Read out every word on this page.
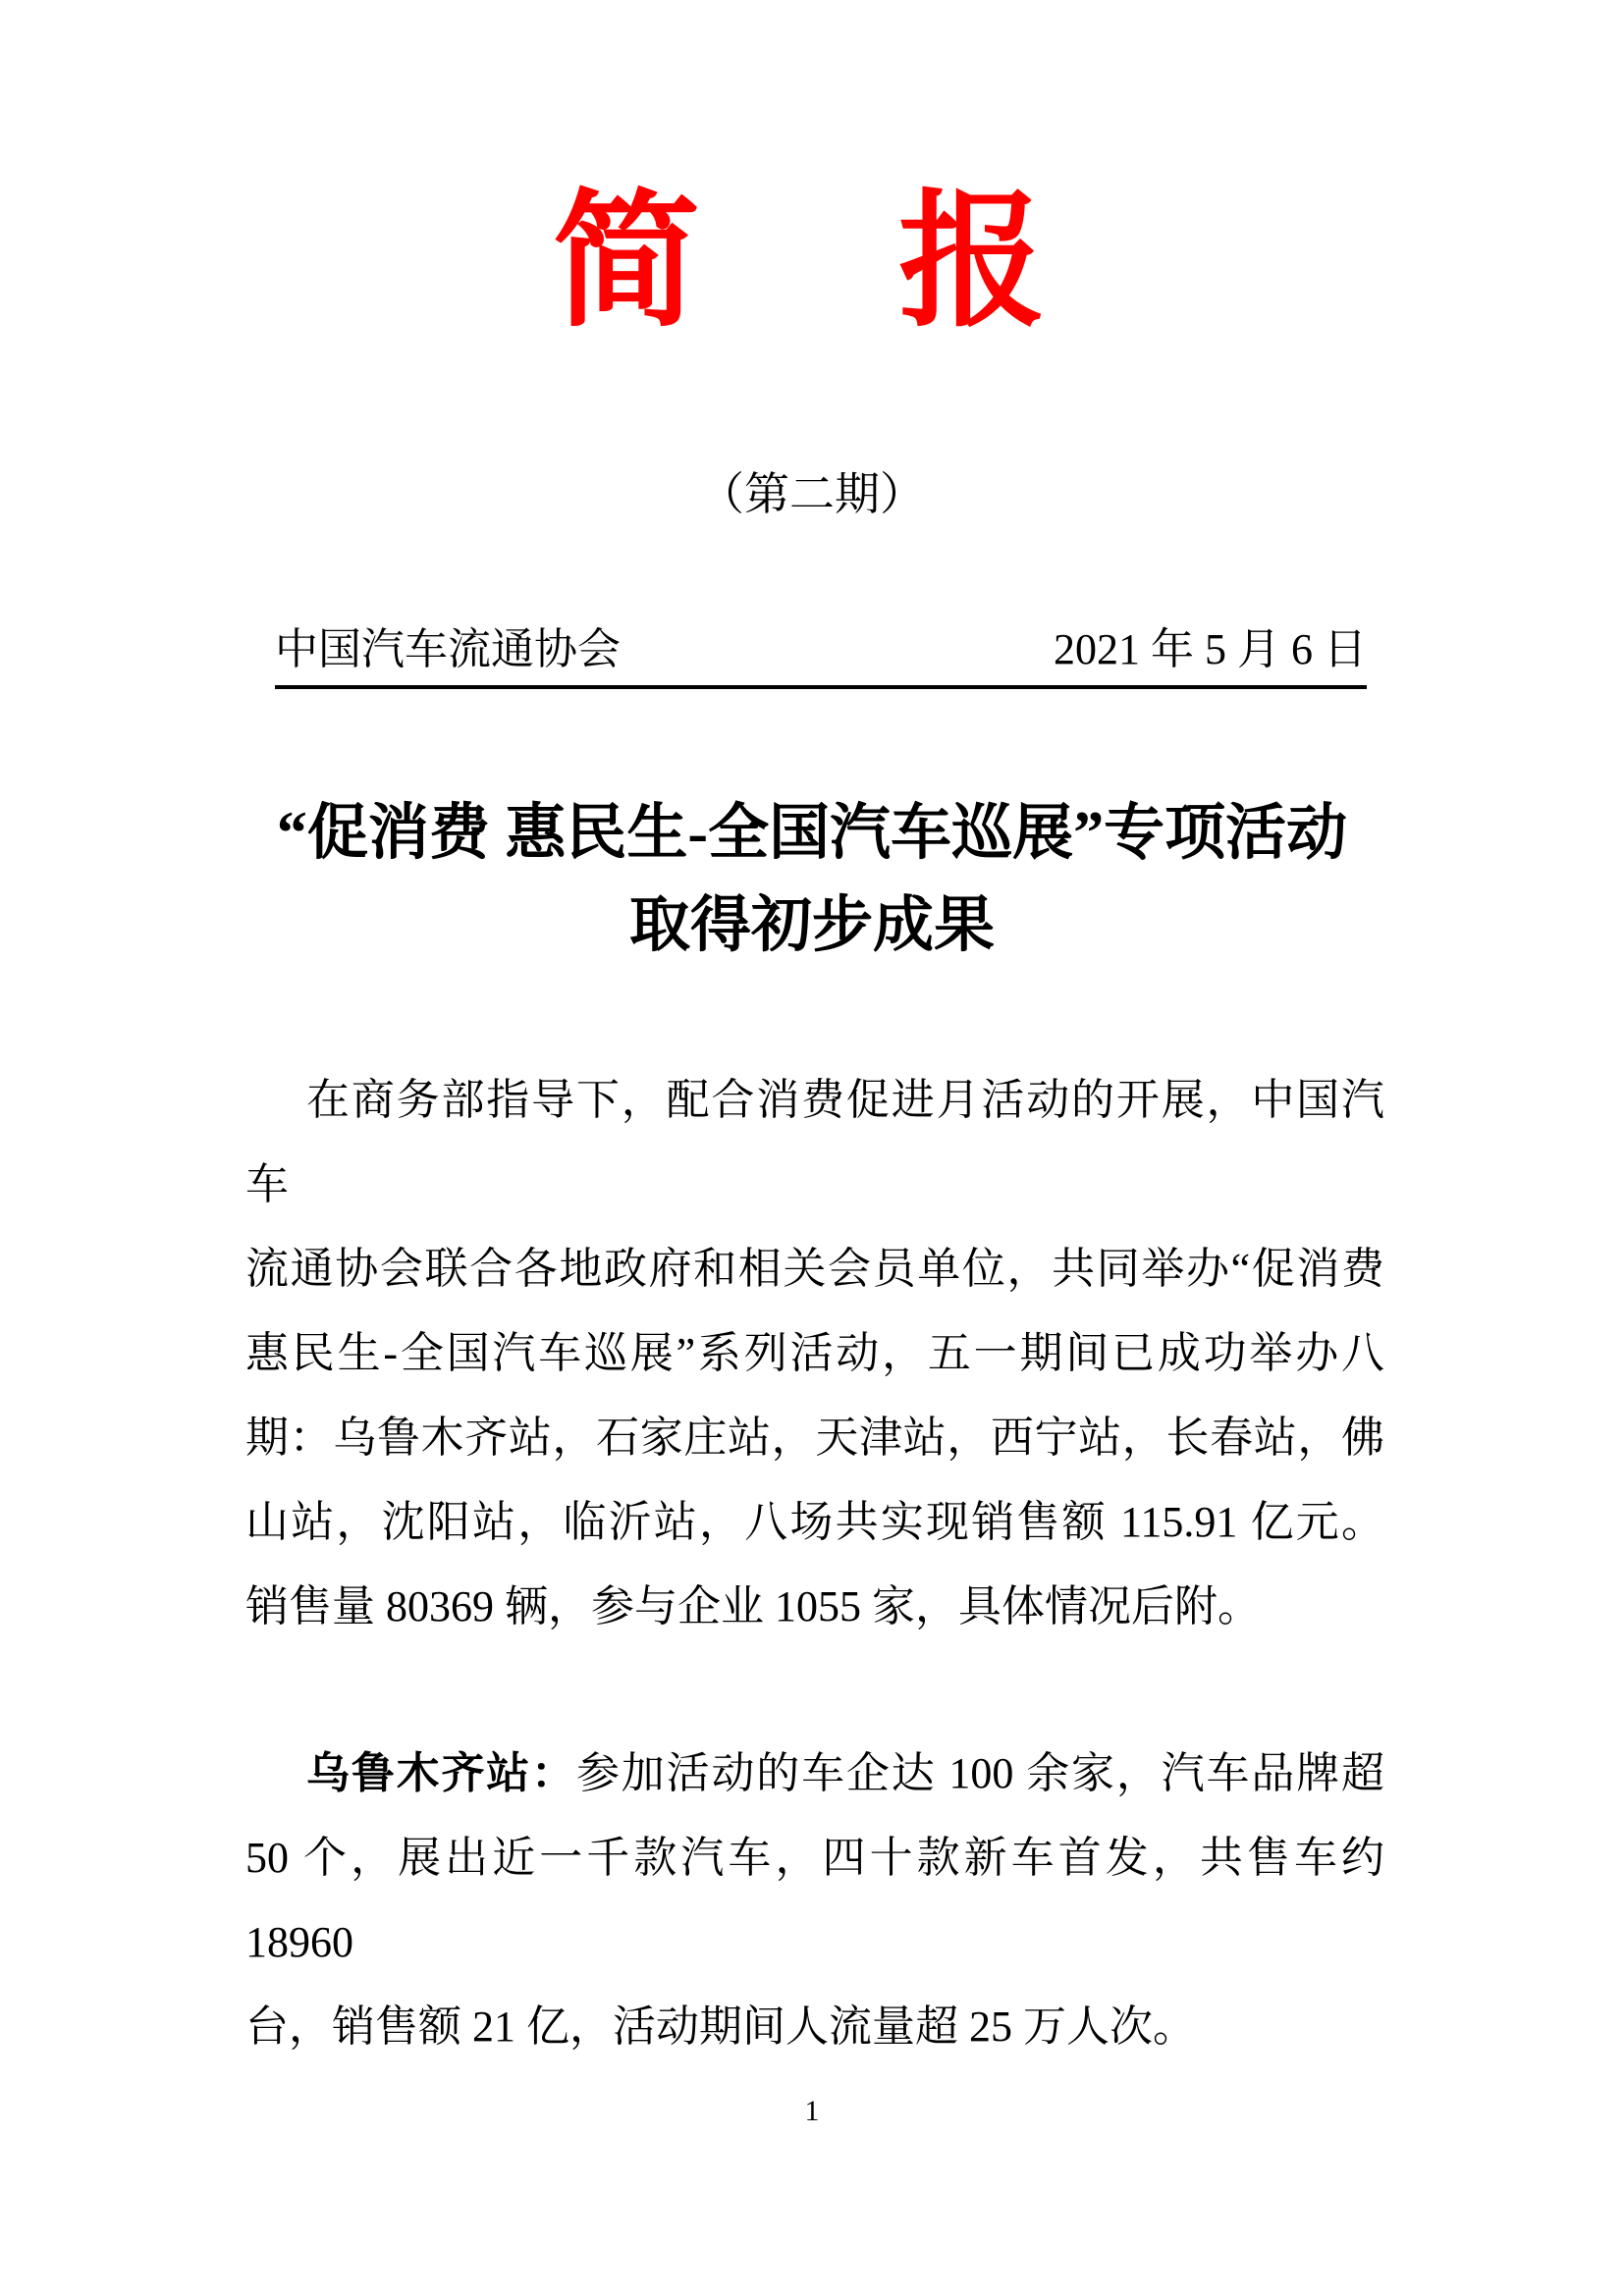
简　报
（第二期）
中国汽车流通协会	2021 年 5 月 6 日
“促消费 惠民生-全国汽车巡展”专项活动
取得初步成果
在商务部指导下，配合消费促进月活动的开展，中国汽车
流通协会联合各地政府和相关会员单位，共同举办“促消费
惠民生-全国汽车巡展”系列活动，五一期间已成功举办八
期：乌鲁木齐站，石家庄站，天津站，西宁站，长春站，佛
山站，沈阳站，临沂站，八场共实现销售额 115.91 亿元。
销售量 80369 辆，参与企业 1055 家，具体情况后附。
乌鲁木齐站：参加活动的车企达 100 余家，汽车品牌超
50 个，展出近一千款汽车，四十款新车首发，共售车约 18960
台，销售额 21 亿，活动期间人流量超 25 万人次。
1
